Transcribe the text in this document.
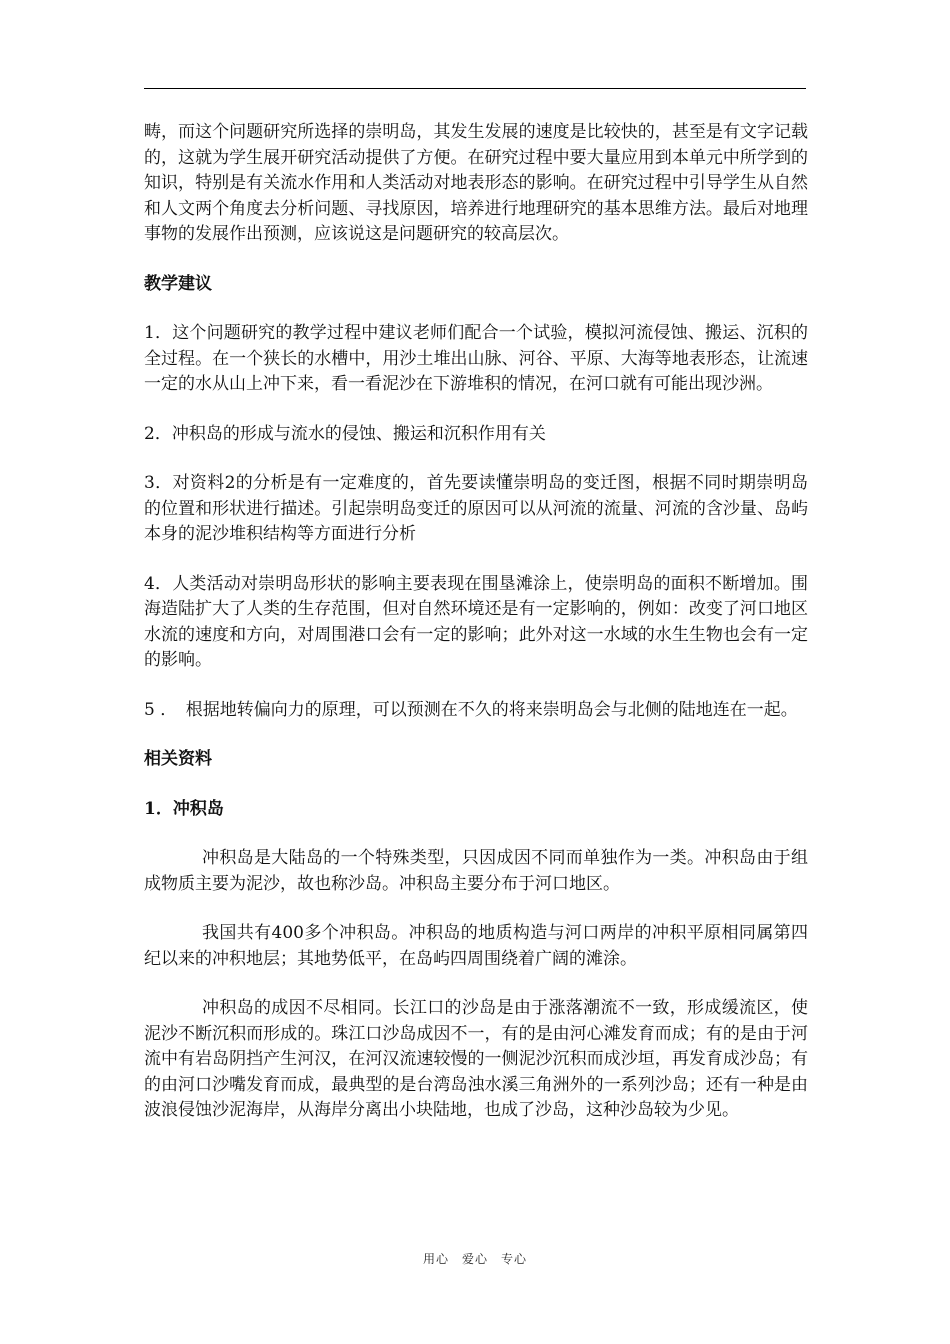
畴，而这个问题研究所选择的崇明岛，其发生发展的速度是比较快的，甚至是有文字记载的，这就为学生展开研究活动提供了方便。在研究过程中要大量应用到本单元中所学到的知识，特别是有关流水作用和人类活动对地表形态的影响。在研究过程中引导学生从自然和人文两个角度去分析问题、寻找原因，培养进行地理研究的基本思维方法。最后对地理事物的发展作出预测，应该说这是问题研究的较高层次。

教学建议

1．这个问题研究的教学过程中建议老师们配合一个试验，模拟河流侵蚀、搬运、沉积的全过程。在一个狭长的水槽中，用沙土堆出山脉、河谷、平原、大海等地表形态，让流速一定的水从山上冲下来，看一看泥沙在下游堆积的情况，在河口就有可能出现沙洲。

2．冲积岛的形成与流水的侵蚀、搬运和沉积作用有关

3．对资料2的分析是有一定难度的，首先要读懂崇明岛的变迁图，根据不同时期崇明岛的位置和形状进行描述。引起崇明岛变迁的原因可以从河流的流量、河流的含沙量、岛屿本身的泥沙堆积结构等方面进行分析

4．人类活动对崇明岛形状的影响主要表现在围垦滩涂上，使崇明岛的面积不断增加。围海造陆扩大了人类的生存范围，但对自然环境还是有一定影响的，例如：改变了河口地区水流的速度和方向，对周围港口会有一定的影响；此外对这一水域的水生生物也会有一定的影响。

5 ．　根据地转偏向力的原理，可以预测在不久的将来崇明岛会与北侧的陆地连在一起。

相关资料

1．冲积岛

冲积岛是大陆岛的一个特殊类型，只因成因不同而单独作为一类。冲积岛由于组成物质主要为泥沙，故也称沙岛。冲积岛主要分布于河口地区。

我国共有400多个冲积岛。冲积岛的地质构造与河口两岸的冲积平原相同属第四纪以来的冲积地层；其地势低平，在岛屿四周围绕着广阔的滩涂。

冲积岛的成因不尽相同。长江口的沙岛是由于涨落潮流不一致，形成缓流区，使泥沙不断沉积而形成的。珠江口沙岛成因不一，有的是由河心滩发育而成；有的是由于河流中有岩岛阴挡产生河汉，在河汉流速较慢的一侧泥沙沉积而成沙垣，再发育成沙岛；有的由河口沙嘴发育而成，最典型的是台湾岛浊水溪三角洲外的一系列沙岛；还有一种是由波浪侵蚀沙泥海岸，从海岸分离出小块陆地，也成了沙岛，这种沙岛较为少见。

用心　爱心　专心
